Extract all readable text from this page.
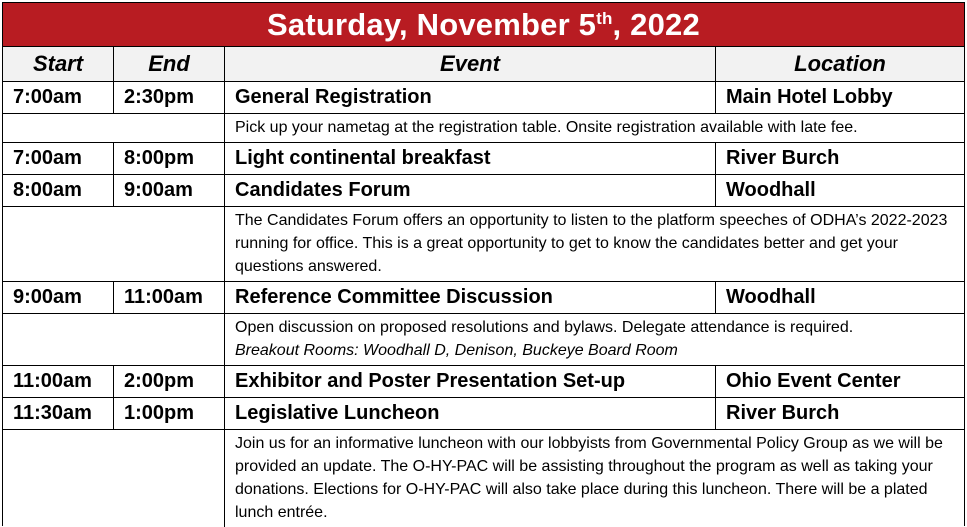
Saturday, November 5th , 2022
Start	End	Event	Location
7:00am	2:30pm	General Registration	Main Hotel Lobby
Pick up your nametag at the registration table. Onsite registration available with late fee.
7:00am	8:00pm	Light continental breakfast	River Burch
8:00am	9:00am	Candidates Forum	Woodhall
The Candidates Forum offers an opportunity to listen to the platform speeches of ODHA’s 2022-2023 running for office. This is a great opportunity to get to know the candidates better and get your questions answered.
9:00am	11:00am	Reference Committee Discussion	Woodhall
Open discussion on proposed resolutions and bylaws. Delegate attendance is required.
Breakout Rooms: Woodhall D, Denison, Buckeye Board Room
11:00am	2:00pm	Exhibitor and Poster Presentation Set-up	Ohio Event Center
11:30am	1:00pm	Legislative Luncheon	River Burch
Join us for an informative luncheon with our lobbyists from Governmental Policy Group as we will be provided an update. The O-HY-PAC will be assisting throughout the program as well as taking your donations. Elections for O-HY-PAC will also take place during this luncheon. There will be a plated lunch entrée.
